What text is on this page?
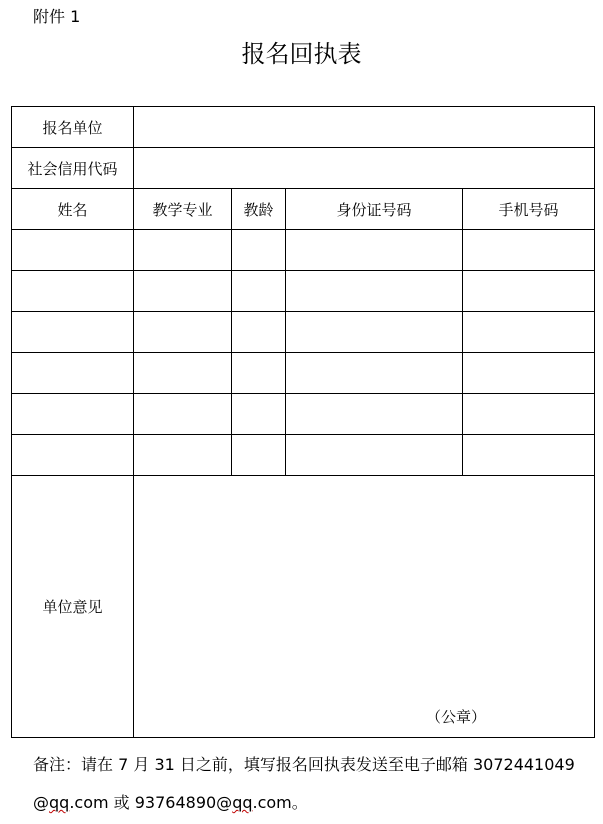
附件 1
报名回执表
报名单位				
社会信用代码				
姓名	教学专业	教龄	身份证号码	手机号码

单位意见	（公章）			
备注：请在 7 月 31 日之前，填写报名回执表发送至电子邮箱 3072441049
@qq.com 或 93764890@qq.com。
